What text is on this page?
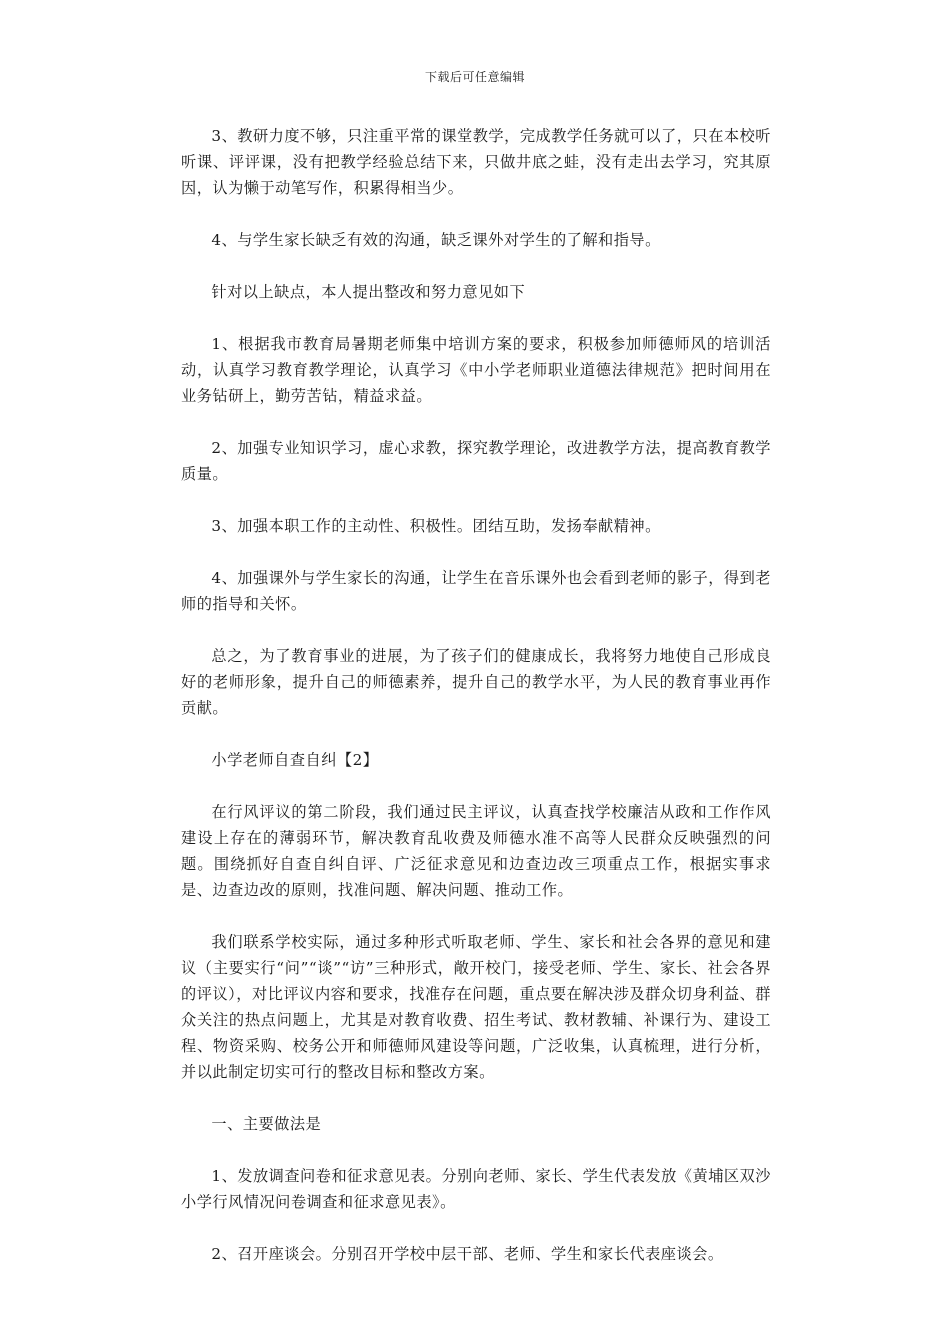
下载后可任意编辑

3、教研力度不够，只注重平常的课堂教学，完成教学任务就可以了，只在本校听听课、评评课，没有把教学经验总结下来，只做井底之蛙，没有走出去学习，究其原因，认为懒于动笔写作，积累得相当少。

4、与学生家长缺乏有效的沟通，缺乏课外对学生的了解和指导。

针对以上缺点，本人提出整改和努力意见如下

1、根据我市教育局暑期老师集中培训方案的要求，积极参加师德师风的培训活动，认真学习教育教学理论，认真学习《中小学老师职业道德法律规范》把时间用在业务钻研上，勤劳苦钻，精益求益。

2、加强专业知识学习，虚心求教，探究教学理论，改进教学方法，提高教育教学质量。

3、加强本职工作的主动性、积极性。团结互助，发扬奉献精神。

4、加强课外与学生家长的沟通，让学生在音乐课外也会看到老师的影子，得到老师的指导和关怀。

总之，为了教育事业的进展，为了孩子们的健康成长，我将努力地使自己形成良好的老师形象，提升自己的师德素养，提升自己的教学水平，为人民的教育事业再作贡献。

小学老师自查自纠【2】

在行风评议的第二阶段，我们通过民主评议，认真查找学校廉洁从政和工作作风建设上存在的薄弱环节，解决教育乱收费及师德水准不高等人民群众反映强烈的问题。围绕抓好自查自纠自评、广泛征求意见和边查边改三项重点工作，根据实事求是、边查边改的原则，找准问题、解决问题、推动工作。

我们联系学校实际，通过多种形式听取老师、学生、家长和社会各界的意见和建议（主要实行“问”“谈”“访”三种形式，敞开校门，接受老师、学生、家长、社会各界的评议），对比评议内容和要求，找准存在问题，重点要在解决涉及群众切身利益、群众关注的热点问题上，尤其是对教育收费、招生考试、教材教辅、补课行为、建设工程、物资采购、校务公开和师德师风建设等问题，广泛收集，认真梳理，进行分析，并以此制定切实可行的整改目标和整改方案。

一、主要做法是

1、发放调查问卷和征求意见表。分别向老师、家长、学生代表发放《黄埔区双沙小学行风情况问卷调查和征求意见表》。

2、召开座谈会。分别召开学校中层干部、老师、学生和家长代表座谈会。
